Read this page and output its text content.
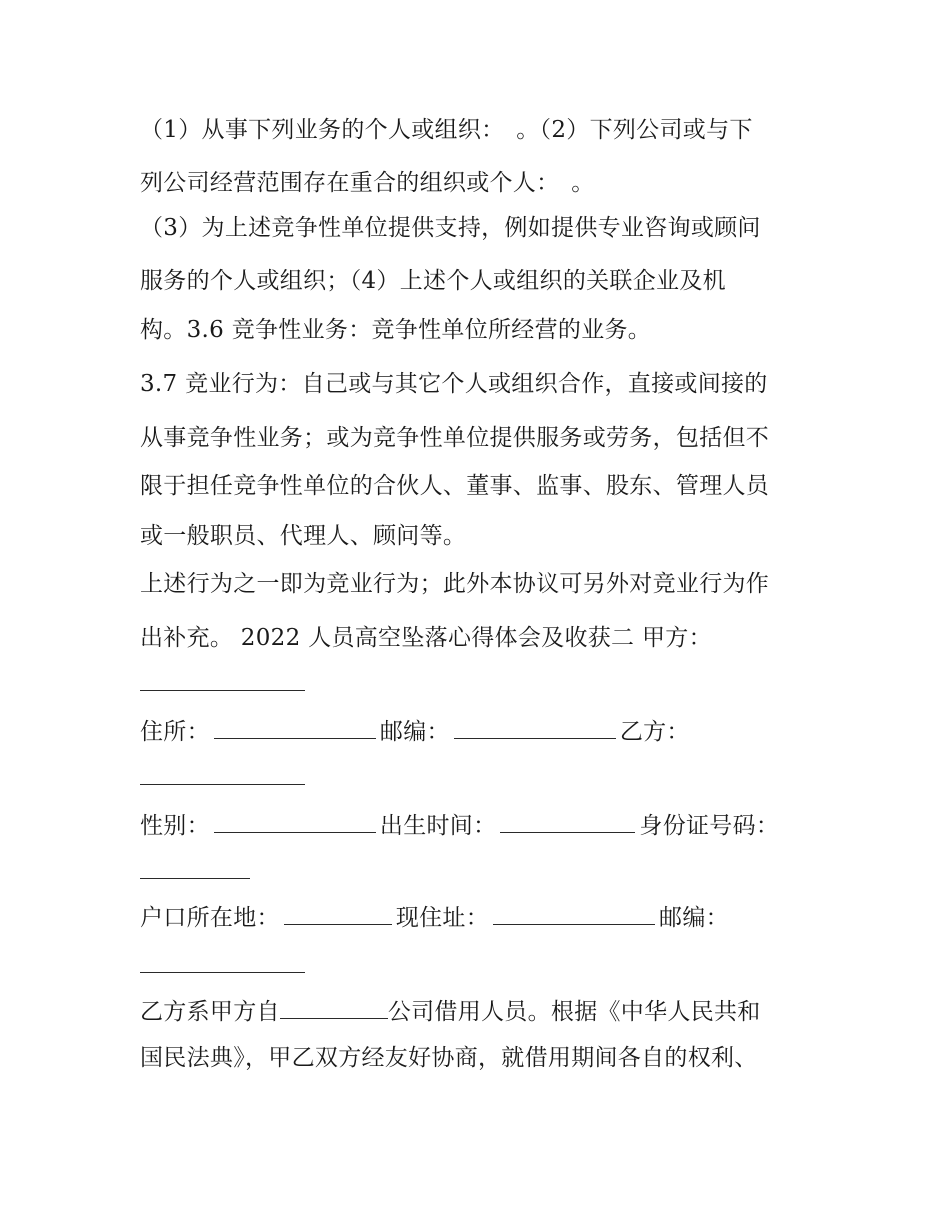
（1）从事下列业务的个人或组织：　。（2）下列公司或与下
列公司经营范围存在重合的组织或个人：　。
（3）为上述竞争性单位提供支持，例如提供专业咨询或顾问
服务的个人或组织；（4）上述个人或组织的关联企业及机
构。3.6 竞争性业务：竞争性单位所经营的业务。
3.7 竞业行为：自己或与其它个人或组织合作，直接或间接的
从事竞争性业务；或为竞争性单位提供服务或劳务，包括但不
限于担任竞争性单位的合伙人、董事、监事、股东、管理人员
或一般职员、代理人、顾问等。
上述行为之一即为竞业行为；此外本协议可另外对竞业行为作
出补充。 2022 人员高空坠落心得体会及收获二 甲方：
住所：	邮编：	乙方：
性别：	出生时间：	身份证号码：
户口所在地：	现住址：	邮编：
乙方系甲方自	公司借用人员。根据《中华人民共和
国民法典》，甲乙双方经友好协商，就借用期间各自的权利、
